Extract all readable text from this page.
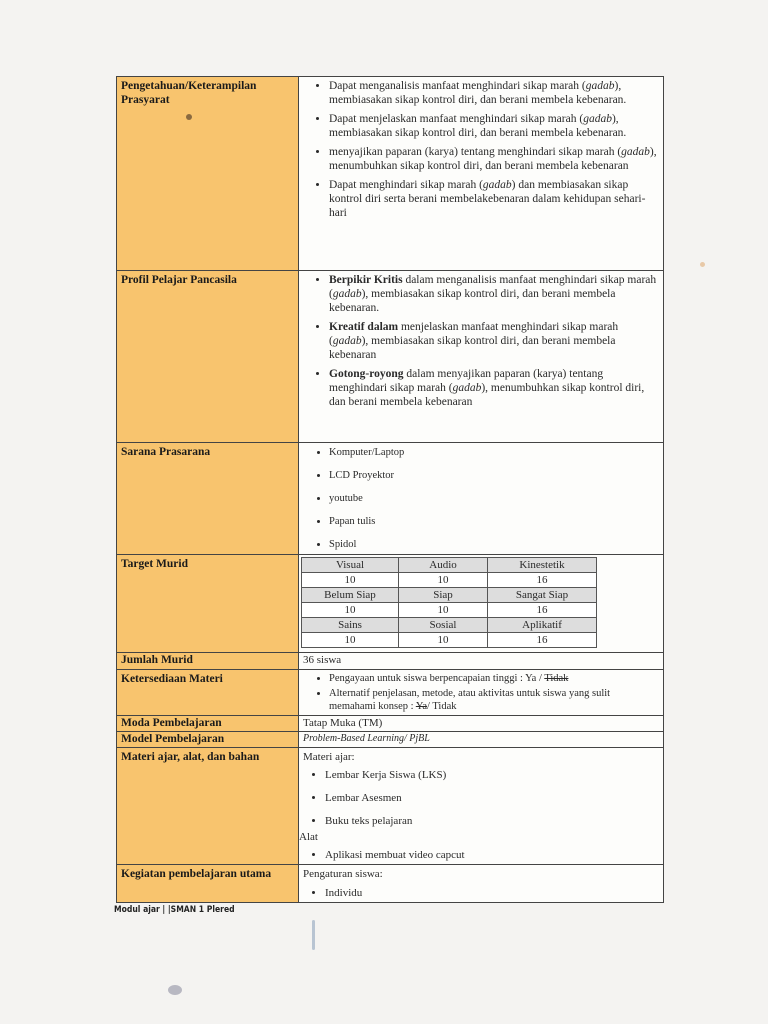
Pengetahuan/Keterampilan Prasyarat	
• Dapat menganalisis manfaat menghindari sikap marah (gadab), membiasakan sikap kontrol diri, dan berani membela kebenaran.
• Dapat menjelaskan manfaat menghindari sikap marah (gadab), membiasakan sikap kontrol diri, dan berani membela kebenaran.
• menyajikan paparan (karya) tentang menghindari sikap marah (gadab), menumbuhkan sikap kontrol diri, dan berani membela kebenaran
• Dapat menghindari sikap marah (gadab) dan membiasakan sikap kontrol diri serta berani membelakebenaran dalam kehidupan sehari-hari

Profil Pelajar Pancasila	
•Berpikir Kritis dalam menganalisis manfaat menghindari sikap marah (gadab), membiasakan sikap kontrol diri, dan berani membela kebenaran.
• Kreatif dalam menjelaskan manfaat menghindari sikap marah (gadab), membiasakan sikap kontrol diri, dan berani membela kebenaran
• Gotong-royong dalam menyajikan paparan (karya) tentang menghindari sikap marah (gadab), menumbuhkan sikap kontrol diri, dan berani membela kebenaran

Sarana Prasarana	
•Komputer/Laptop
• LCD Proyektor
• youtube
• Papan tulis
• Spidol

Target Murid		Visual	Audio	Kinestetik
10	10	16
Belum Siap	Siap	Sangat Siap
10	10	16
Sains	Sosial	Aplikatif
10	10	16

Jumlah Murid	36 siswa
Ketersediaan Materi	
•Pengayaan untuk siswa berpencapaian tinggi : Ya / Tidak
• Alternatif penjelasan, metode, atau aktivitas untuk siswa yang sulit memahami konsep : Ya/ Tidak

Moda Pembelajaran	Tatap Muka (TM)
Model Pembelajaran	Problem-Based Learning/ PjBL
Materi ajar, alat, dan bahan	Materi ajar:
• Lembar Kerja Siswa (LKS)
• Lembar Asesmen
• Buku teks pelajaran
Alat
• Aplikasi membuat video capcut

Kegiatan pembelajaran utama	Pengaturan siswa:
• Individu
Modul ajar | |SMAN 1 Plered
